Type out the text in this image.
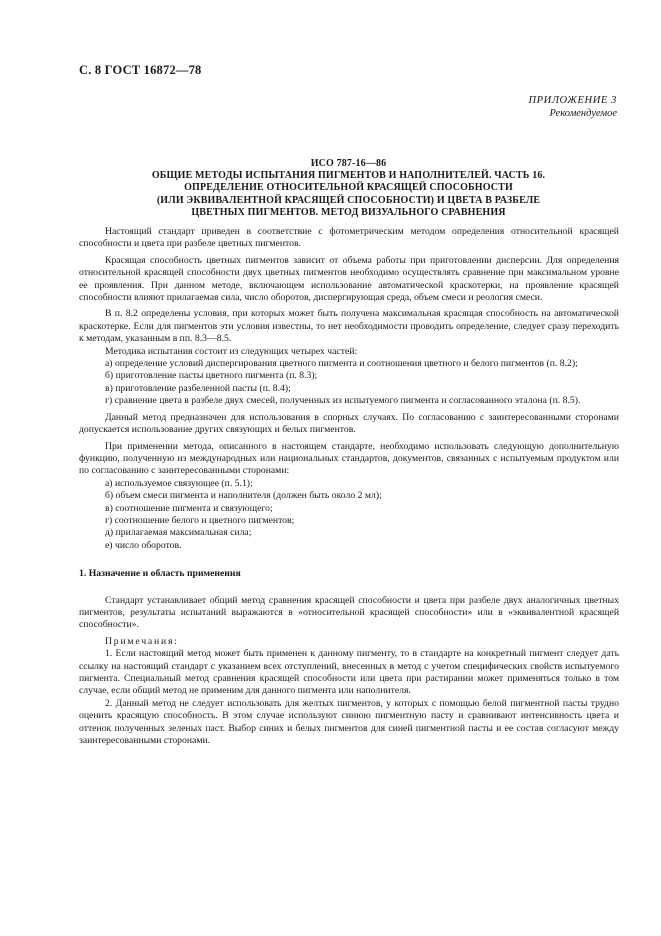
С. 8 ГОСТ 16872—78
ПРИЛОЖЕНИЕ 3
Рекомендуемое
ИСО 787-16—86
ОБЩИЕ МЕТОДЫ ИСПЫТАНИЯ ПИГМЕНТОВ И НАПОЛНИТЕЛЕЙ. ЧАСТЬ 16.
ОПРЕДЕЛЕНИЕ ОТНОСИТЕЛЬНОЙ КРАСЯЩЕЙ СПОСОБНОСТИ
(ИЛИ ЭКВИВАЛЕНТНОЙ КРАСЯЩЕЙ СПОСОБНОСТИ) И ЦВЕТА В РАЗБЕЛЕ
ЦВЕТНЫХ ПИГМЕНТОВ. МЕТОД ВИЗУАЛЬНОГО СРАВНЕНИЯ

Настоящий стандарт приведен в соответствие с фотометрическим методом определения относительной красящей способности и цвета при разбеле цветных пигментов.

Красящая способность цветных пигментов зависит от объема работы при приготовлении дисперсии. Для определения относительной красящей способности двух цветных пигментов необходимо осуществлять сравнение при максимальном уровне ее проявления. При данном методе, включающем использование автоматической краскотерки, на проявление красящей способности влияют прилагаемая сила, число оборотов, диспергирующая среда, объем смеси и реология смеси.

В п. 8.2 определены условия, при которых может быть получена максимальная красящая способность на автоматической краскотерке. Если для пигментов эти условия известны, то нет необходимости проводить определение, следует сразу переходить к методам, указанным в пп. 8.3—8.5.

Методика испытания состоит из следующих четырех частей:

а) определение условий диспергирования цветного пигмента и соотношения цветного и белого пигментов (п. 8.2);

б) приготовление пасты цветного пигмента (п. 8.3);

в) приготовление разбеленной пасты (п. 8.4);

г) сравнение цвета в разбеле двух смесей, полученных из испытуемого пигмента и согласованного эталона (п. 8.5).

Данный метод предназначен для использования в спорных случаях. По согласованию с заинтересованными сторонами допускается использование других связующих и белых пигментов.

При применении метода, описанного в настоящем стандарте, необходимо использовать следующую дополнительную функцию, полученную из международных или национальных стандартов, документов, связанных с испытуемым продуктом или по согласованию с заинтересованными сторонами:

а) используемое связующее (п. 5.1);

б) объем смеси пигмента и наполнителя (должен быть около 2 мл);

в) соотношение пигмента и связующего;

г) соотношение белого и цветного пигментов;

д) прилагаемая максимальная сила;

е) число оборотов.

1. Назначение и область применения

Стандарт устанавливает общий метод сравнения красящей способности и цвета при разбеле двух аналогичных цветных пигментов, результаты испытаний выражаются в «относительной красящей способности» или в «эквивалентной красящей способности».

Примечания:

1. Если настоящий метод может быть применен к данному пигменту, то в стандарте на конкретный пигмент следует дать ссылку на настоящий стандарт с указанием всех отступлений, внесенных в метод с учетом специфических свойств испытуемого пигмента. Специальный метод сравнения красящей способности или цвета при растирании может применяться только в том случае, если общий метод не применим для данного пигмента или наполнителя.

2. Данный метод не следует использовать для желтых пигментов, у которых с помощью белой пигментной пасты трудно оценить красящую способность. В этом случае используют синюю пигментную пасту и сравнивают интенсивность цвета и оттенок полученных зеленых паст. Выбор синих и белых пигментов для синей пигментной пасты и ее состав согласуют между заинтересованными сторонами.
